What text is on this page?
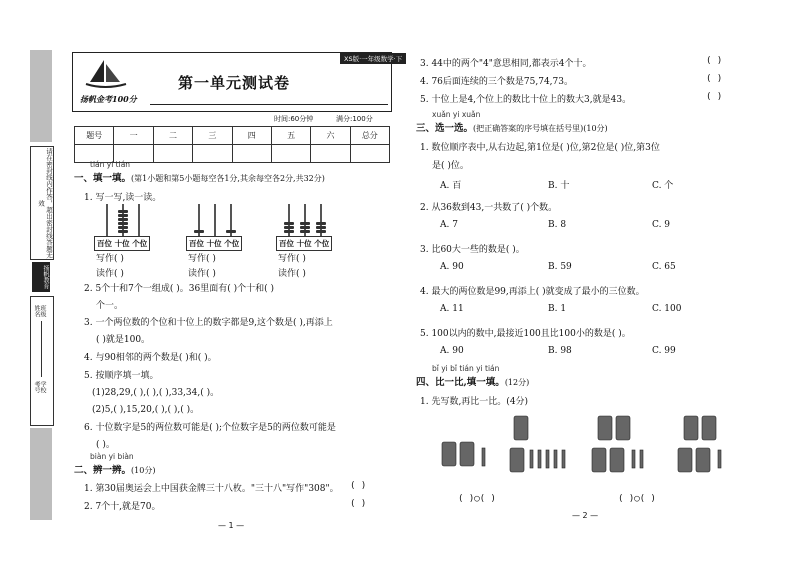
请在密封线内作答，超出密封线答题无效
扬帆教育
学校
班级
姓名
考号
XS版·一年级数学·下
扬帆金考100分
第一单元测试卷
时间:60分钟	满分:100分
题号	一	二	三	四	五	六	总分

tián yi tián
一、填一填。(第1小题和第5小题每空各1分,其余每空各2分,共32分)
1. 写一写,读一读。
百位 十位 个位
写作( )
读作( )
百位 十位 个位
写作( )
读作( )
百位 十位 个位
写作( )
读作( )
2. 5个十和7个一组成( )。36里面有( )个十和( )
个一。
3. 一个两位数的个位和十位上的数字都是9,这个数是( ),再添上
( )就是100。
4. 与90相邻的两个数是( )和( )。
5. 按顺序填一填。
(1)28,29,( ),( ),( ),33,34,( )。
(2)5,( ),15,20,( ),( ),( )。
6. 十位数字是5的两位数可能是( );个位数字是5的两位数可能是
( )。
biàn yi biàn
二、辨一辨。(10分)
1. 第30届奥运会上中国获金牌三十八枚。"三十八"写作"308"。 ( )
2. 7个十,就是70。	( )
— 1 —
3. 44中的两个"4"意思相同,都表示4个十。	( )
4. 76后面连续的三个数是75,74,73。	( )
5. 十位上是4,个位上的数比十位上的数大3,就是43。	( )
xuǎn yi xuǎn
三、选一选。(把正确答案的序号填在括号里)(10分)
1. 数位顺序表中,从右边起,第1位是( )位,第2位是( )位,第3位
是( )位。
A. 百	B. 十	C. 个
2. 从36数到43,一共数了( )个数。
A. 7	B. 8	C. 9
3. 比60大一些的数是( )。
A. 90	B. 59	C. 65
4. 最大的两位数是99,再添上( )就变成了最小的三位数。
A. 11	B. 1	C. 100
5. 100以内的数中,最接近100且比100小的数是( )。
A. 90	B. 98	C. 99
bǐ yi bǐ tián yi tián
四、比一比,填一填。(12分)
1. 先写数,再比一比。(4分)
( )◯( )	( )◯( )
— 2 —
